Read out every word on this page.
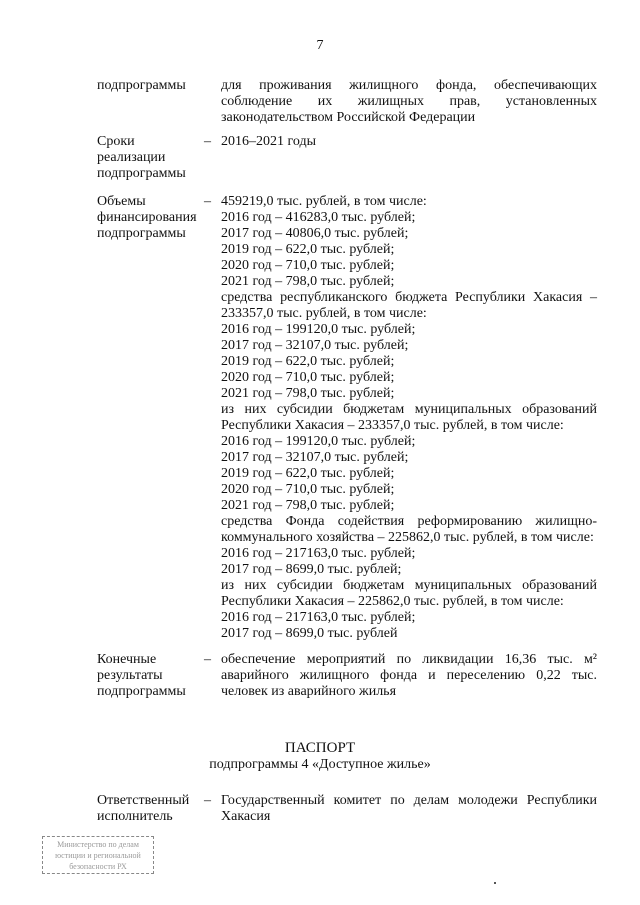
7
подпрограммы	для проживания жилищного фонда, обеспечивающих
соблюдение их жилищных прав, установленных
законодательством Российской Федерации
Сроки
реализации
подпрограммы
– 2016–2021 годы
Объемы
финансирования
подпрограммы
– 459219,0 тыс. рублей, в том числе:
2016 год – 416283,0 тыс. рублей;
2017 год – 40806,0 тыс. рублей;
2019 год – 622,0 тыс. рублей;
2020 год – 710,0 тыс. рублей;
2021 год – 798,0 тыс. рублей;
средства республиканского бюджета Республики Хакасия –
233357,0 тыс. рублей, в том числе:
2016 год – 199120,0 тыс. рублей;
2017 год – 32107,0 тыс. рублей;
2019 год – 622,0 тыс. рублей;
2020 год – 710,0 тыс. рублей;
2021 год – 798,0 тыс. рублей;
из них субсидии бюджетам муниципальных образований
Республики Хакасия – 233357,0 тыс. рублей, в том числе:
2016 год – 199120,0 тыс. рублей;
2017 год – 32107,0 тыс. рублей;
2019 год – 622,0 тыс. рублей;
2020 год – 710,0 тыс. рублей;
2021 год – 798,0 тыс. рублей;
средства Фонда содействия реформированию жилищно-
коммунального хозяйства – 225862,0 тыс. рублей, в том числе:
2016 год – 217163,0 тыс. рублей;
2017 год – 8699,0 тыс. рублей;
из них субсидии бюджетам муниципальных образований
Республики Хакасия – 225862,0 тыс. рублей, в том числе:
2016 год – 217163,0 тыс. рублей;
2017 год – 8699,0 тыс. рублей
Конечные
результаты
подпрограммы
– обеспечение мероприятий по ликвидации 16,36 тыс. м²
аварийного жилищного фонда и переселению 0,22 тыс.
человек из аварийного жилья
ПАСПОРТ
подпрограммы 4 «Доступное жилье»
Ответственный
исполнитель
– Государственный комитет по делам молодежи Республики
Хакасия
Министерство по делам
юстиции и региональной
безопасности РХ
